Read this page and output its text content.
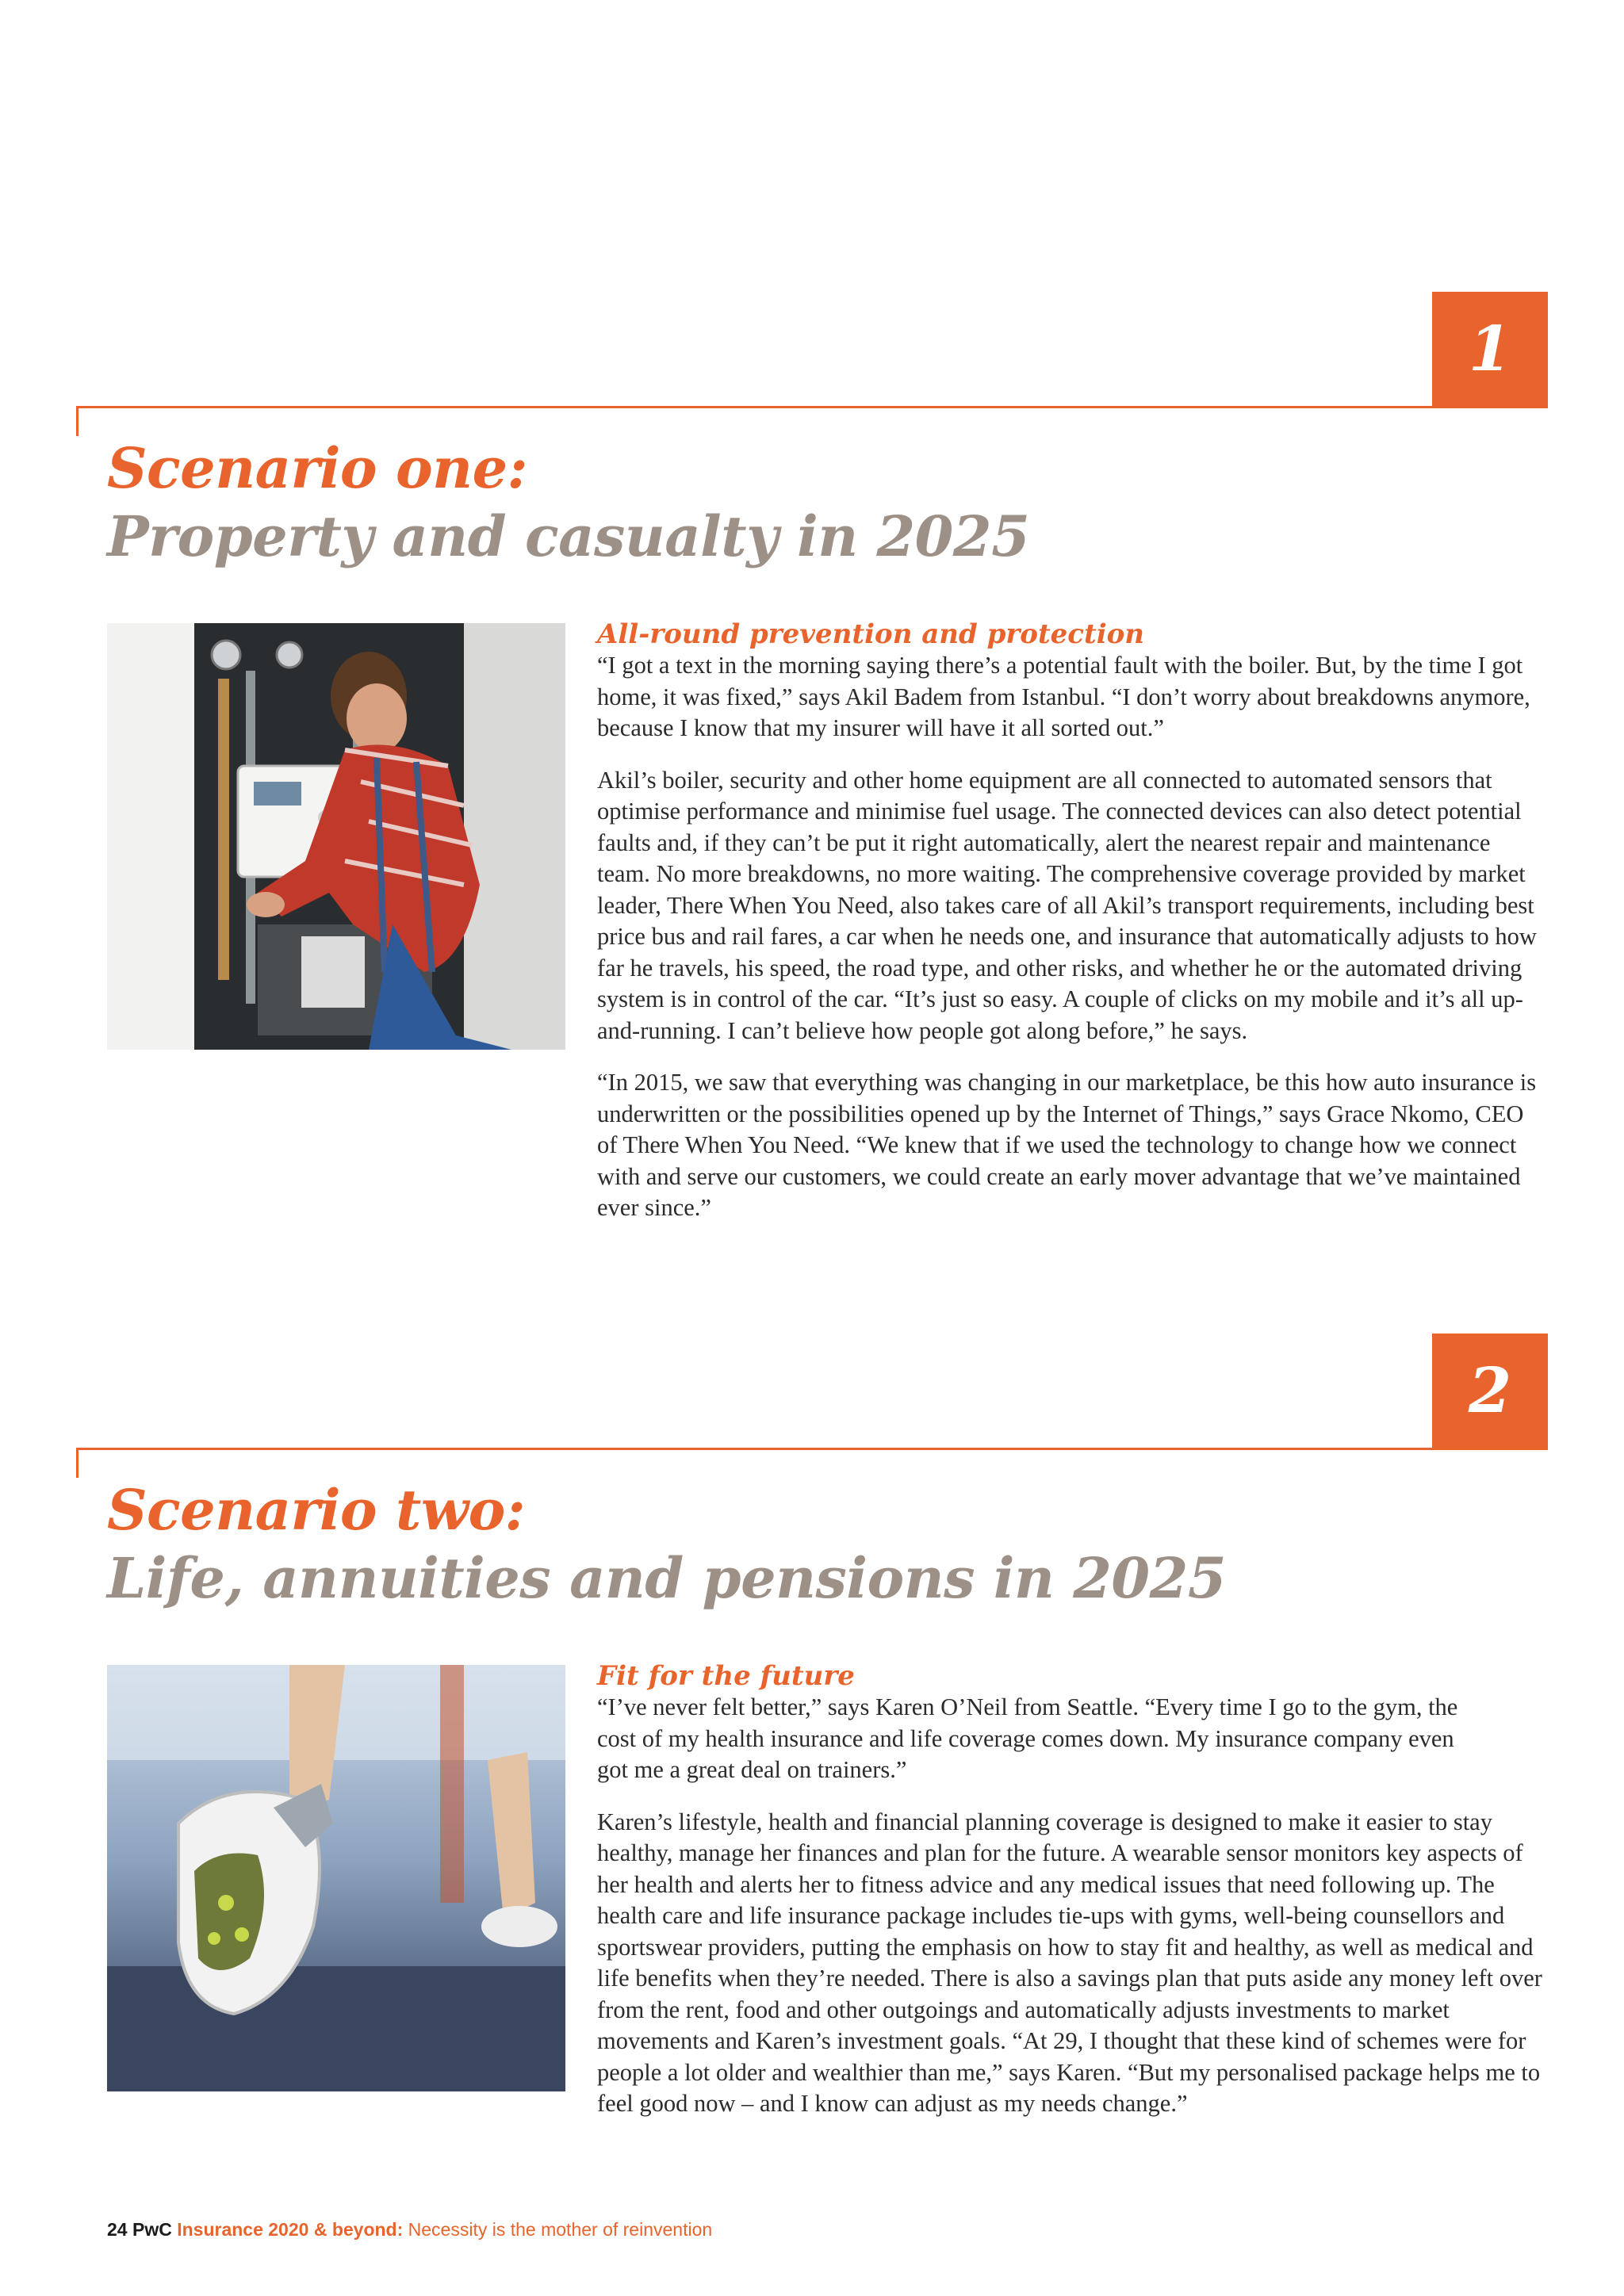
1
Scenario one:
Property and casualty in 2025
All-round prevention and protection

“I got a text in the morning saying there’s a potential fault with the boiler. But, by the time I got home, it was fixed,” says Akil Badem from Istanbul. “I don’t worry about breakdowns anymore, because I know that my insurer will have it all sorted out.”

Akil’s boiler, security and other home equipment are all connected to automated sensors that optimise performance and minimise fuel usage. The connected devices can also detect potential faults and, if they can’t be put it right automatically, alert the nearest repair and maintenance team. No more breakdowns, no more waiting. The comprehensive coverage provided by market leader, There When You Need, also takes care of all Akil’s transport requirements, including best price bus and rail fares, a car when he needs one, and insurance that automatically adjusts to how far he travels, his speed, the road type, and other risks, and whether he or the automated driving system is in control of the car. “It’s just so easy. A couple of clicks on my mobile and it’s all up-and-running. I can’t believe how people got along before,” he says.

“In 2015, we saw that everything was changing in our marketplace, be this how auto insurance is underwritten or the possibilities opened up by the Internet of Things,” says Grace Nkomo, CEO of There When You Need. “We knew that if we used the technology to change how we connect with and serve our customers, we could create an early mover advantage that we’ve maintained ever since.”

2
Scenario two:
Life, annuities and pensions in 2025
Fit for the future

“I’ve never felt better,” says Karen O’Neil from Seattle. “Every time I go to the gym, the cost of my health insurance and life coverage comes down. My insurance company even got me a great deal on trainers.”

Karen’s lifestyle, health and financial planning coverage is designed to make it easier to stay healthy, manage her finances and plan for the future. A wearable sensor monitors key aspects of her health and alerts her to fitness advice and any medical issues that need following up. The health care and life insurance package includes tie-ups with gyms, well-being counsellors and sportswear providers, putting the emphasis on how to stay fit and healthy, as well as medical and life benefits when they’re needed. There is also a savings plan that puts aside any money left over from the rent, food and other outgoings and automatically adjusts investments to market movements and Karen’s investment goals. “At 29, I thought that these kind of schemes were for people a lot older and wealthier than me,” says Karen. “But my personalised package helps me to feel good now – and I know can adjust as my needs change.”

24 PwC Insurance 2020 & beyond: Necessity is the mother of reinvention
